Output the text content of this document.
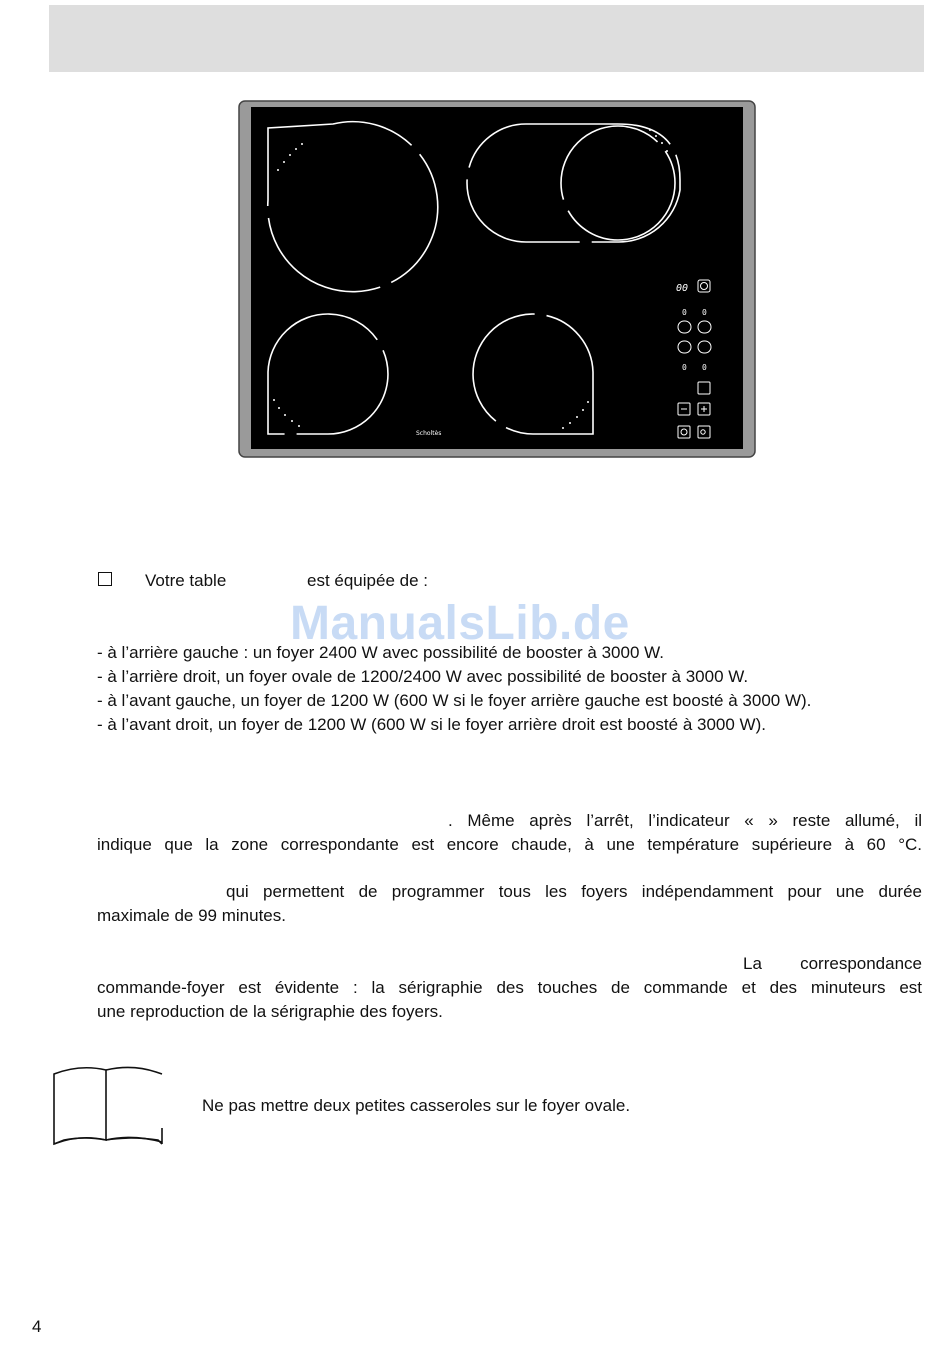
Scholtès
00
0 0
0 0
Votre table	est équipée de :
ManualsLib.de
- à l’arrière gauche : un foyer 2400 W avec possibilité de booster à 3000 W.
- à l’arrière droit, un foyer ovale de 1200/2400 W avec possibilité de booster à 3000 W.
- à l’avant gauche, un foyer de 1200 W (600 W si le foyer arrière gauche est boosté à 3000 W).
- à l’avant droit, un foyer de 1200 W (600 W si le foyer arrière droit est boosté à 3000 W).
. Même après l’arrêt, l’indicateur « » reste allumé, il
indique que la zone correspondante est encore chaude, à une température supérieure à 60 °C.
qui permettent de programmer tous les foyers indépendamment pour une durée
maximale de 99 minutes.
La correspondance
commande-foyer est évidente : la sérigraphie des touches de commande et des minuteurs est
une reproduction de la sérigraphie des foyers.
Ne pas mettre deux petites casseroles sur le foyer ovale.
4
